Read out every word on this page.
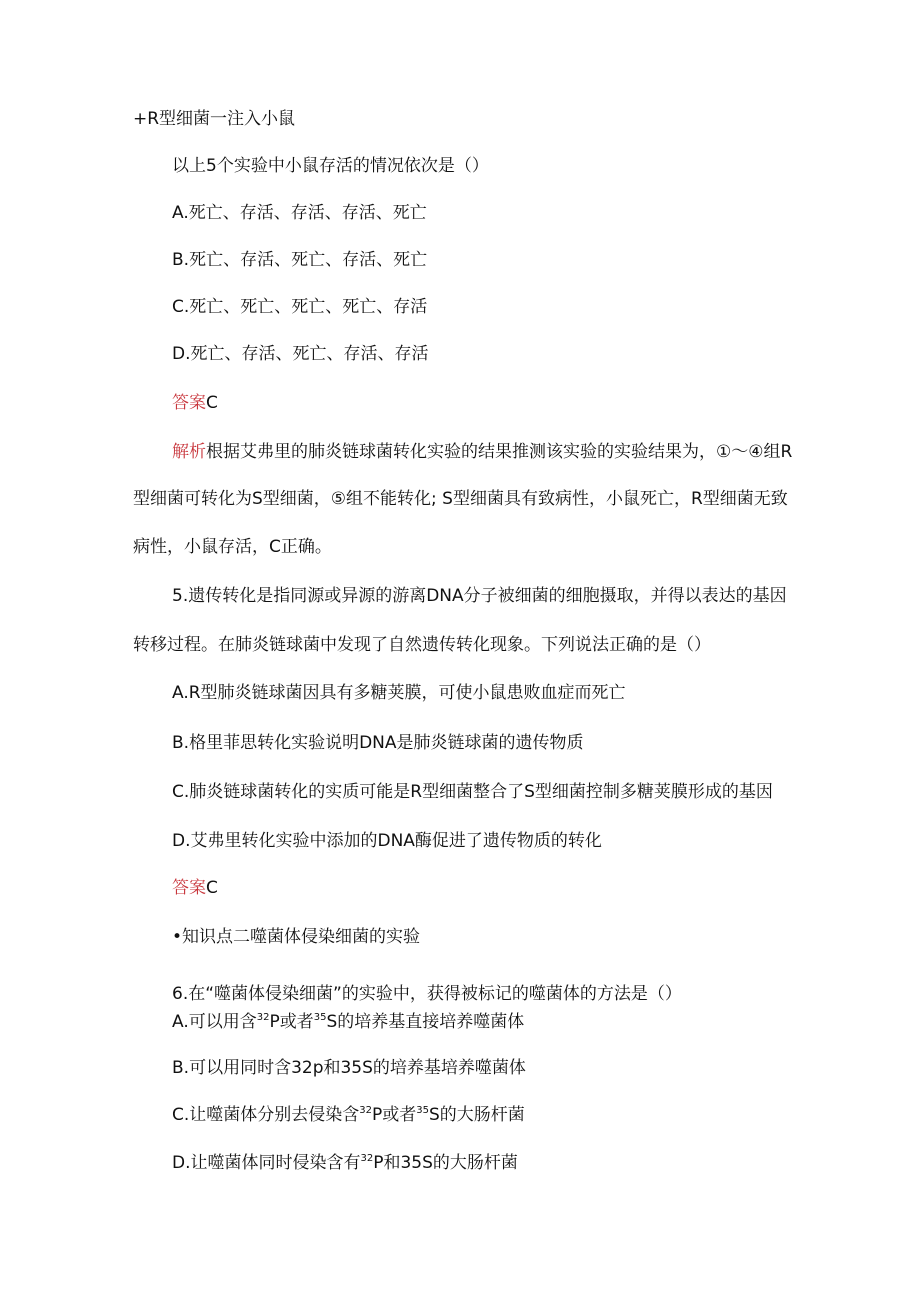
+R型细菌一注入小鼠
以上5个实验中小鼠存活的情况依次是（）
A.死亡、存活、存活、存活、死亡
B.死亡、存活、死亡、存活、死亡
C.死亡、死亡、死亡、死亡、存活
D.死亡、存活、死亡、存活、存活
答案C
解析根据艾弗里的肺炎链球菌转化实验的结果推测该实验的实验结果为，①〜④组R
型细菌可转化为S型细菌，⑤组不能转化; S型细菌具有致病性，小鼠死亡，R型细菌无致
病性，小鼠存活，C正确。
5.遗传转化是指同源或异源的游离DNA分子被细菌的细胞摄取，并得以表达的基因
转移过程。在肺炎链球菌中发现了自然遗传转化现象。下列说法正确的是（）
A.R型肺炎链球菌因具有多糖荚膜，可使小鼠患败血症而死亡
B.格里菲思转化实验说明DNA是肺炎链球菌的遗传物质
C.肺炎链球菌转化的实质可能是R型细菌整合了S型细菌控制多糖荚膜形成的基因
D.艾弗里转化实验中添加的DNA酶促进了遗传物质的转化
答案C
•知识点二噬菌体侵染细菌的实验
6.在“噬菌体侵染细菌”的实验中，获得被标记的噬菌体的方法是（）
A.可以用含$^{32}$P或者$^{35}$S的培养基直接培养噬菌体
B.可以用同时含32p和35S的培养基培养噬菌体
C.让噬菌体分别去侵染含$^{32}$P或者$^{35}$S的大肠杆菌
D.让噬菌体同时侵染含有$^{32}$P和35S的大肠杆菌
